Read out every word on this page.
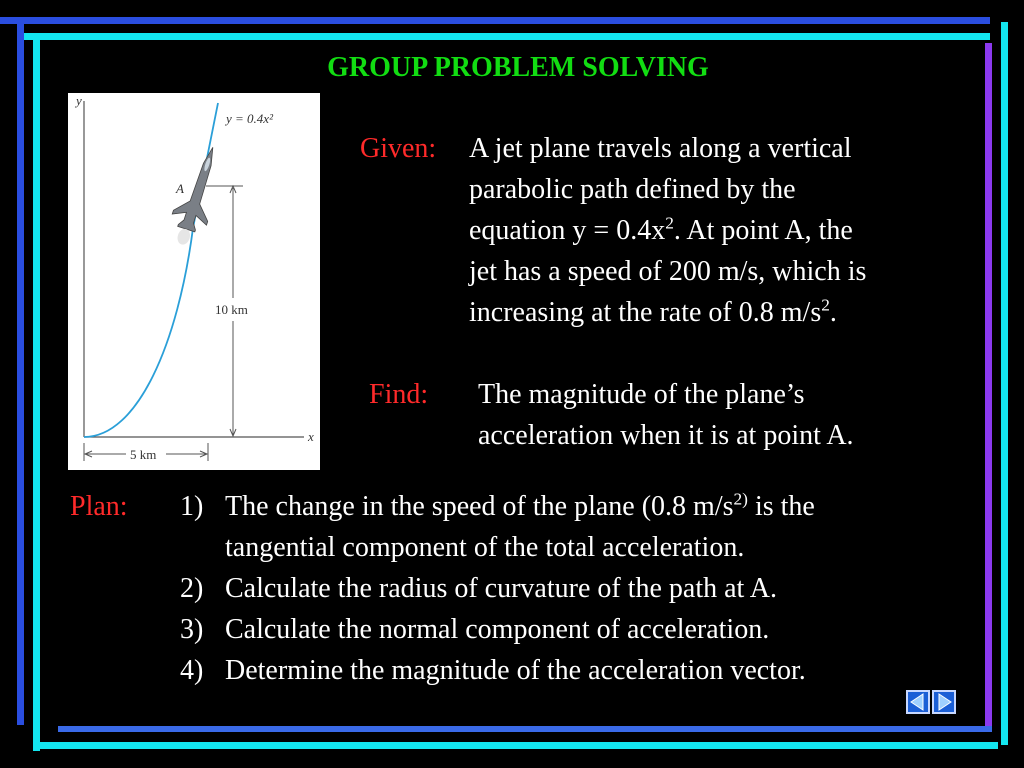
GROUP PROBLEM SOLVING
y
x
y = 0.4x²
A
10 km
5 km
Given: A jet plane travels along a vertical
parabolic path defined by the
equation $y = 0.4x^2$. At point A, the
jet has a speed of 200 m/s, which is
increasing at the rate of 0.8 $m/s^2$.
Find: The magnitude of the plane’s
acceleration when it is at point A.
Plan: 1) The change in the speed of the plane (0.8 $m/s^{2)}$ is the
tangential component of the total acceleration.
2) Calculate the radius of curvature of the path at A.
3) Calculate the normal component of acceleration.
4) Determine the magnitude of the acceleration vector.
